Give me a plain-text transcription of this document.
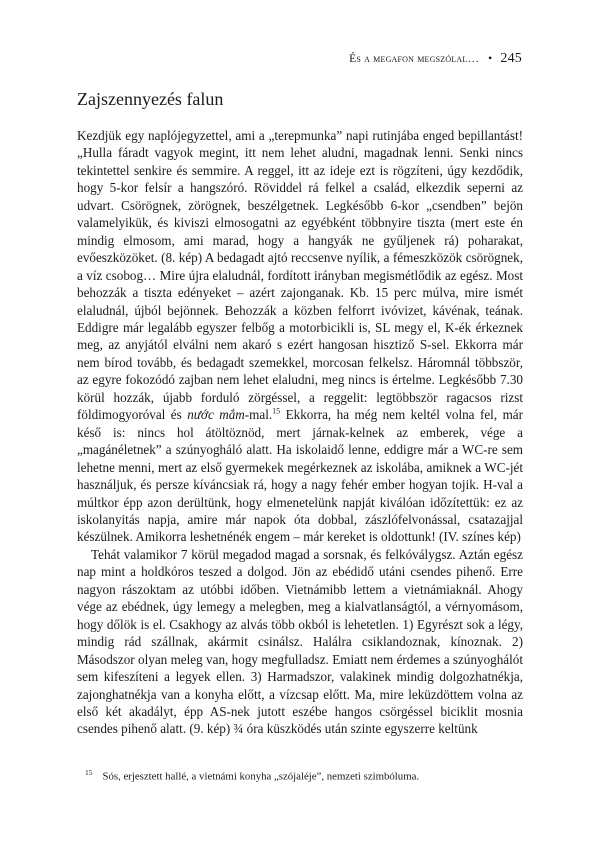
És a megafon megszólal… • 245
Zajszennyezés falun

Kezdjük egy naplójegyzettel, ami a „terepmunka” napi rutinjába enged bepillantást! „Hulla fáradt vagyok megint, itt nem lehet aludni, magadnak lenni. Senki nincs tekintettel senkire és semmire. A reggel, itt az ideje ezt is rögzíteni, úgy kezdődik, hogy 5-kor felsír a hangszóró. Röviddel rá felkel a család, elkezdik seperni az udvart. Csörögnek, zörögnek, beszélgetnek. Legkésőbb 6-kor „csendben” bejön valamelyikük, és kiviszi elmosogatni az egyébként többnyire tiszta (mert este én mindig elmosom, ami marad, hogy a hangyák ne gyűljenek rá) poharakat, evőeszközöket. (8. kép) A bedagadt ajtó reccsenve nyílik, a fémeszközök csörögnek, a víz csobog… Mire újra elaludnál, fordított irányban megismétlődik az egész. Most behozzák a tiszta edényeket – azért zajonganak. Kb. 15 perc múlva, mire ismét elaludnál, újból bejönnek. Behozzák a közben felforrt ivóvizet, kávénak, teának. Eddigre már legalább egyszer felbőg a motorbicikli is, SL megy el, K-ék érkeznek meg, az anyjától elválni nem akaró s ezért hangosan hisztiző S-sel. Ekkorra már nem bírod tovább, és bedagadt szemekkel, morcosan felkelsz. Háromnál többször, az egyre fokozódó zajban nem lehet elaludni, meg nincs is értelme. Legkésőbb 7.30 körül hozzák, újabb forduló zörgéssel, a reggelit: legtöbbször ragacsos rizst földimogyoróval és nước mắm-mal.$^{15}$ Ekkorra, ha még nem keltél volna fel, már késő is: nincs hol átöltöznöd, mert járnak-kelnek az emberek, vége a „magánéletnek” a szúnyogháló alatt. Ha iskolaidő lenne, eddigre már a WC-re sem lehetne menni, mert az első gyermekek megérkeznek az iskolába, amiknek a WC-jét használjuk, és persze kíváncsiak rá, hogy a nagy fehér ember hogyan tojik. H-val a múltkor épp azon derültünk, hogy elmenetelünk napját kiválóan időzítettük: ez az iskolanyitás napja, amire már napok óta dobbal, zászlófelvonással, csatazajjal készülnek. Amikorra leshetnénék engem – már kereket is oldottunk! (IV. színes kép)

Tehát valamikor 7 körül megadod magad a sorsnak, és felkóválygsz. Aztán egész nap mint a holdkóros teszed a dolgod. Jön az ebédidő utáni csendes pihenő. Erre nagyon rászoktam az utóbbi időben. Vietnámibb lettem a vietnámiaknál. Ahogy vége az ebédnek, úgy lemegy a melegben, meg a kialvatlanságtól, a vérnyomásom, hogy dőlök is el. Csakhogy az alvás több okból is lehetetlen. 1) Egyrészt sok a légy, mindig rád szállnak, akármit csinálsz. Halálra csiklandoznak, kínoznak. 2) Másodszor olyan meleg van, hogy megfulladsz. Emiatt nem érdemes a szúnyoghálót sem kifeszíteni a legyek ellen. 3) Harmadszor, valakinek mindig dolgozhatnékja, zajonghatnékja van a konyha előtt, a vízcsap előtt. Ma, mire leküzdöttem volna az első két akadályt, épp AS-nek jutott eszébe hangos csörgéssel biciklit mosnia csendes pihenő alatt. (9. kép) ¾ óra küszködés után szinte egyszerre keltünk

$^{15}$ Sós, erjesztett hallé, a vietnámi konyha „szójaléje”, nemzeti szimbóluma.
